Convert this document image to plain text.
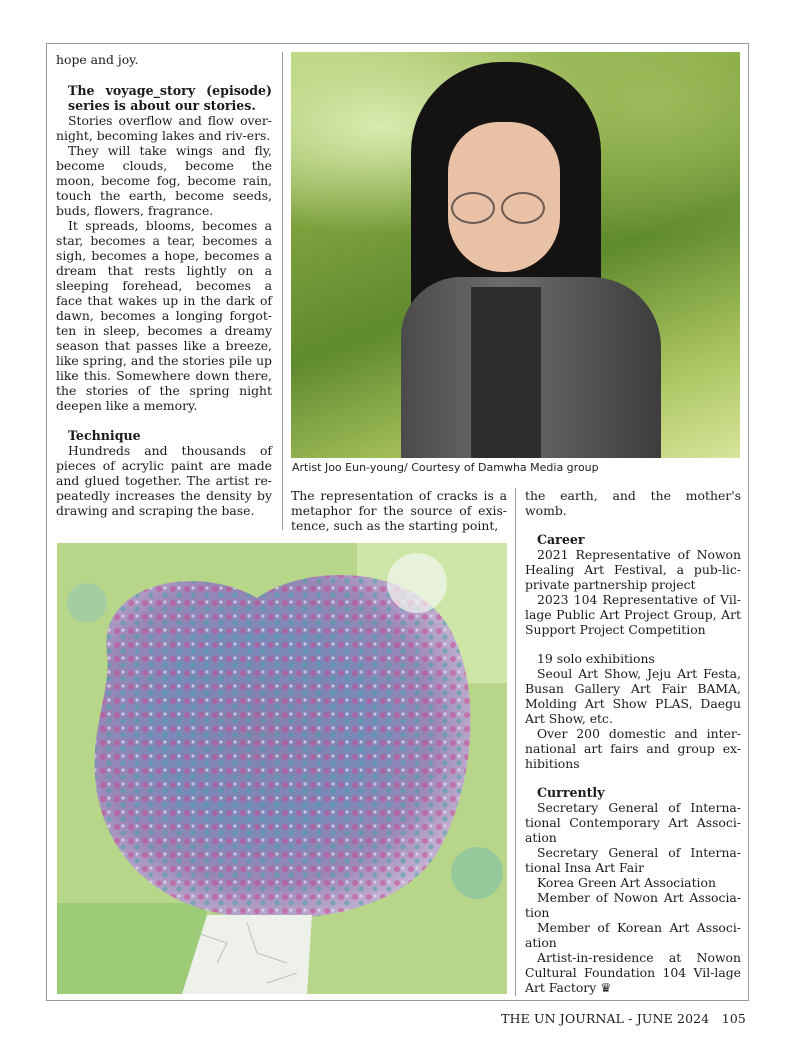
hope and joy.

The voyage_story (episode) series is about our stories.

Stories overflow and flow over-night, becoming lakes and riv-ers.

They will take wings and fly, become clouds, become the moon, become fog, become rain, touch the earth, become seeds, buds, flowers, fragrance.

It spreads, blooms, becomes a star, becomes a tear, becomes a sigh, becomes a hope, becomes a dream that rests lightly on a sleeping forehead, becomes a face that wakes up in the dark of dawn, becomes a longing forgot-ten in sleep, becomes a dreamy season that passes like a breeze, like spring, and the stories pile up like this. Somewhere down there, the stories of the spring night deepen like a memory.

Technique

Hundreds and thousands of pieces of acrylic paint are made and glued together. The artist re-peatedly increases the density by drawing and scraping the base.

Artist Joo Eun-young/ Courtesy of Damwha Media group

The representation of cracks is a metaphor for the source of exis-tence, such as the starting point,

the earth, and the mother's womb.

Career

2021 Representative of Nowon Healing Art Festival, a pub-lic-private partnership project

2023 104 Representative of Vil-lage Public Art Project Group, Art Support Project Competition

19 solo exhibitions

Seoul Art Show, Jeju Art Festa, Busan Gallery Art Fair BAMA, Molding Art Show PLAS, Daegu Art Show, etc.

Over 200 domestic and inter-national art fairs and group ex-hibitions

Currently

Secretary General of Interna-tional Contemporary Art Associ-ation

Secretary General of Interna-tional Insa Art Fair

Korea Green Art Association

Member of Nowon Art Associa-tion

Member of Korean Art Associ-ation

Artist-in-residence at Nowon Cultural Foundation 104 Vil-lage Art Factory ♛

THE UN JOURNAL - JUNE 2024   105
